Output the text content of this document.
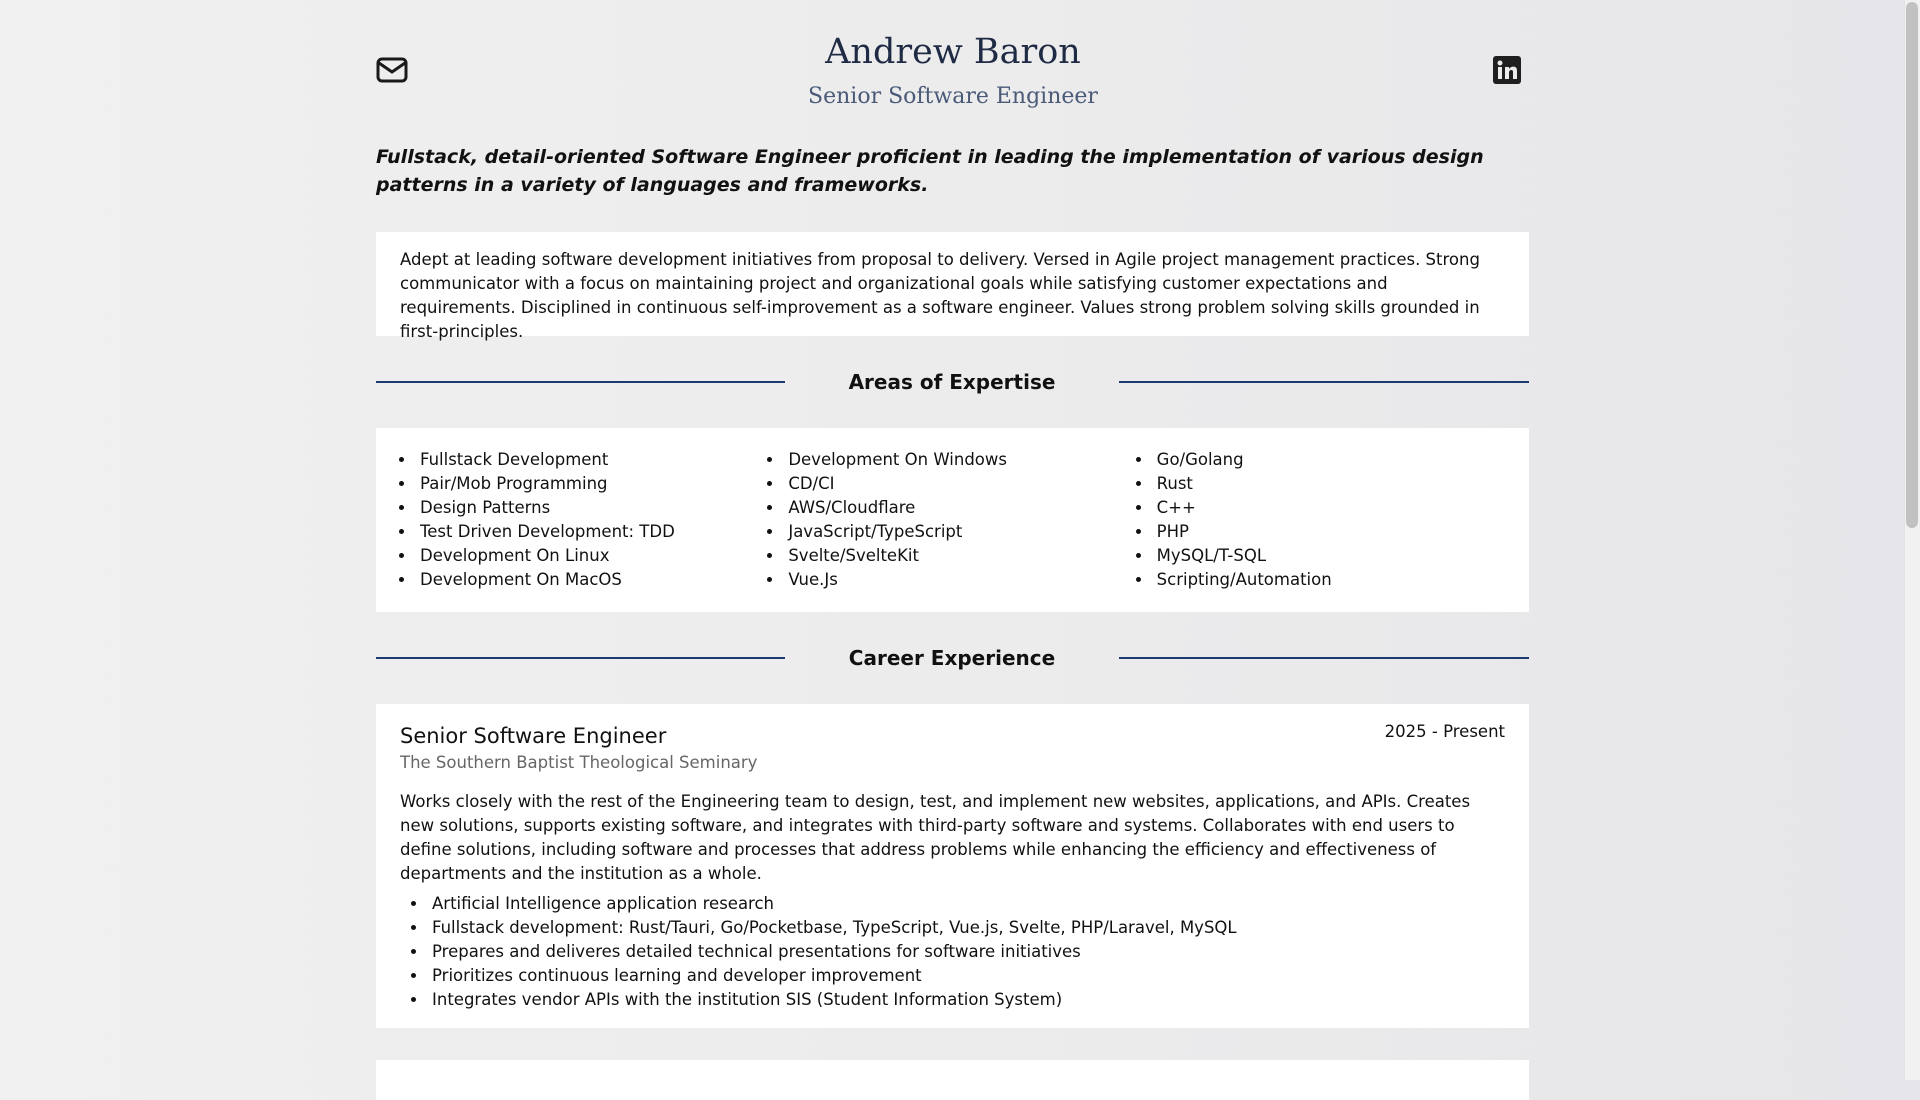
Andrew Baron
Senior Software Engineer

Fullstack, detail-oriented Software Engineer proficient in leading the implementation of various design patterns in a variety of languages and frameworks.

Adept at leading software development initiatives from proposal to delivery. Versed in Agile project management practices. Strong communicator with a focus on maintaining project and organizational goals while satisfying customer expectations and requirements. Disciplined in continuous self-improvement as a software engineer. Values strong problem solving skills grounded in first-principles.

Areas of Expertise
• Fullstack Development
• Pair/Mob Programming
• Design Patterns
• Test Driven Development: TDD
• Development On Linux
• Development On MacOS
• Development On Windows
• CD/CI
• AWS/Cloudflare
• JavaScript/TypeScript
• Svelte/SvelteKit
• Vue.Js
• Go/Golang
• Rust
• C++
• PHP
• MySQL/T-SQL
• Scripting/Automation
Career Experience
Senior Software Engineer	2025 - Present

The Southern Baptist Theological Seminary

Works closely with the rest of the Engineering team to design, test, and implement new websites, applications, and APIs. Creates new solutions, supports existing software, and integrates with third-party software and systems. Collaborates with end users to define solutions, including software and processes that address problems while enhancing the efficiency and effectiveness of departments and the institution as a whole.

• Artificial Intelligence application research
• Fullstack development: Rust/Tauri, Go/Pocketbase, TypeScript, Vue.js, Svelte, PHP/Laravel, MySQL
• Prepares and deliveres detailed technical presentations for software initiatives
• Prioritizes continuous learning and developer improvement
• Integrates vendor APIs with the institution SIS (Student Information System)
